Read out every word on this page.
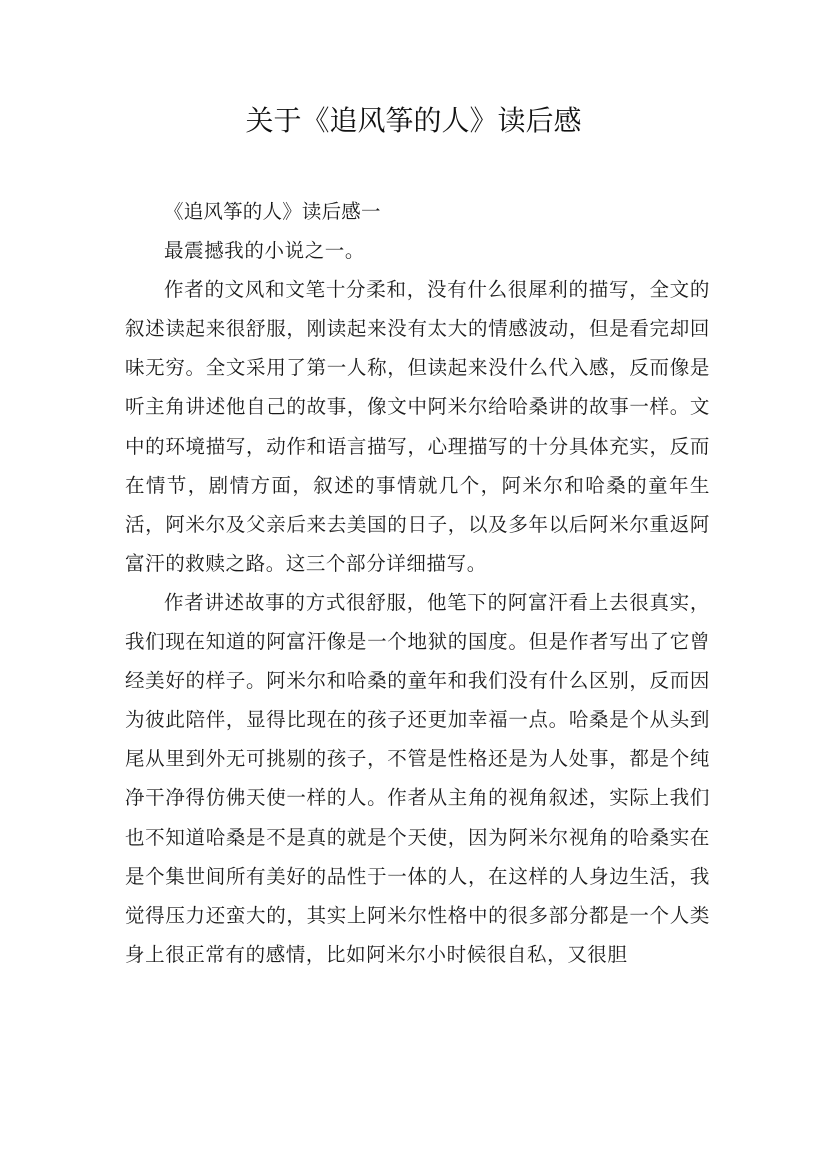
关于《追风筝的人》读后感

《追风筝的人》读后感一

最震撼我的小说之一。

作者的文风和文笔十分柔和，没有什么很犀利的描写，全文的叙述读起来很舒服，刚读起来没有太大的情感波动，但是看完却回味无穷。全文采用了第一人称，但读起来没什么代入感，反而像是听主角讲述他自己的故事，像文中阿米尔给哈桑讲的故事一样。文中的环境描写，动作和语言描写，心理描写的十分具体充实，反而在情节，剧情方面，叙述的事情就几个，阿米尔和哈桑的童年生活，阿米尔及父亲后来去美国的日子，以及多年以后阿米尔重返阿富汗的救赎之路。这三个部分详细描写。

作者讲述故事的方式很舒服，他笔下的阿富汗看上去很真实，我们现在知道的阿富汗像是一个地狱的国度。但是作者写出了它曾经美好的样子。阿米尔和哈桑的童年和我们没有什么区别，反而因为彼此陪伴，显得比现在的孩子还更加幸福一点。哈桑是个从头到尾从里到外无可挑剔的孩子，不管是性格还是为人处事，都是个纯净干净得仿佛天使一样的人。作者从主角的视角叙述，实际上我们也不知道哈桑是不是真的就是个天使，因为阿米尔视角的哈桑实在是个集世间所有美好的品性于一体的人，在这样的人身边生活，我觉得压力还蛮大的，其实上阿米尔性格中的很多部分都是一个人类身上很正常有的感情，比如阿米尔小时候很自私，又很胆
